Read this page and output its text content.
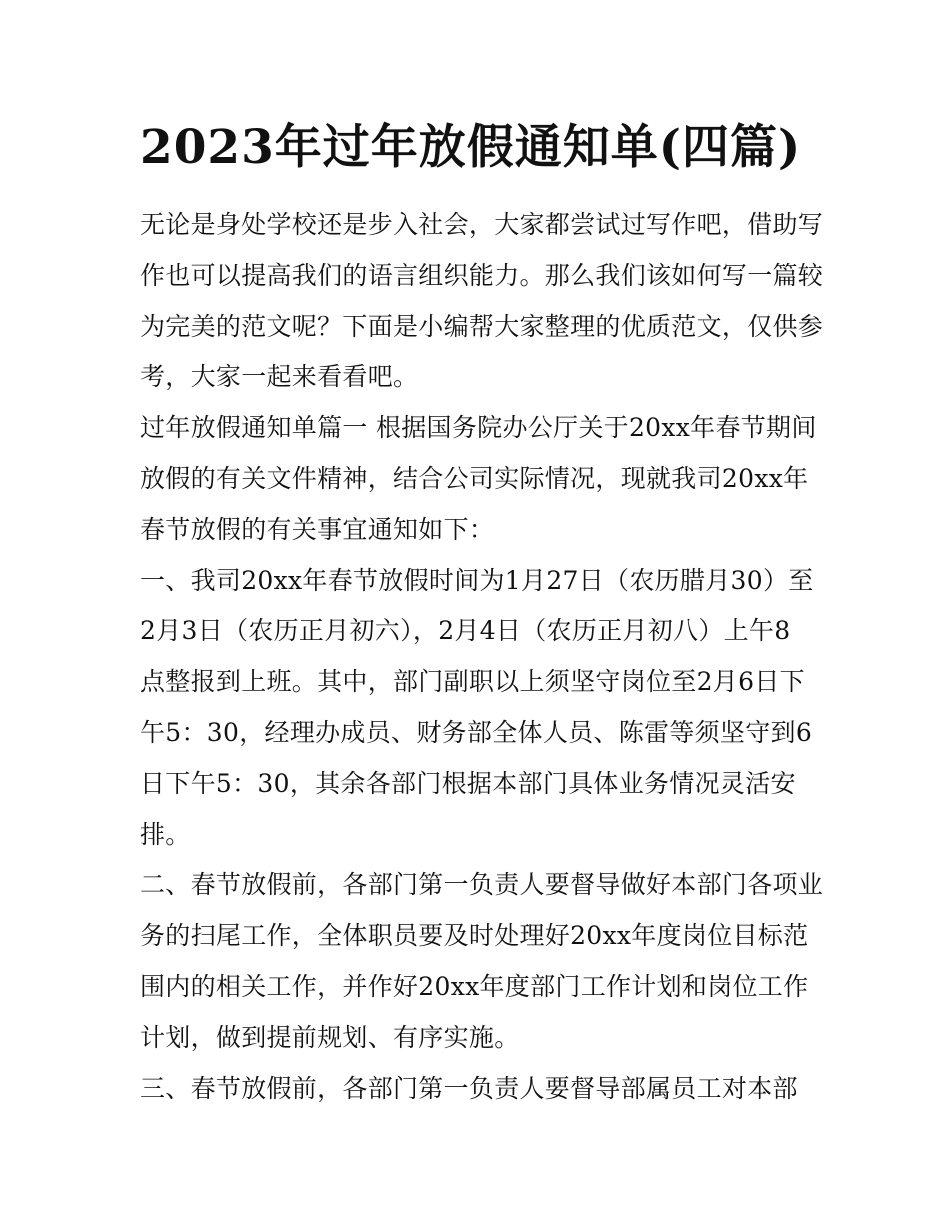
2023年过年放假通知单(四篇)
无论是身处学校还是步入社会，大家都尝试过写作吧，借助写
作也可以提高我们的语言组织能力。那么我们该如何写一篇较
为完美的范文呢？下面是小编帮大家整理的优质范文，仅供参
考，大家一起来看看吧。
过年放假通知单篇一 根据国务院办公厅关于20xx年春节期间
放假的有关文件精神，结合公司实际情况，现就我司20xx年
春节放假的有关事宜通知如下：
一、我司20xx年春节放假时间为1月27日（农历腊月30）至
2月3日（农历正月初六），2月4日（农历正月初八）上午8
点整报到上班。其中，部门副职以上须坚守岗位至2月6日下
午5：30，经理办成员、财务部全体人员、陈雷等须坚守到6
日下午5：30，其余各部门根据本部门具体业务情况灵活安
排。
二、春节放假前，各部门第一负责人要督导做好本部门各项业
务的扫尾工作，全体职员要及时处理好20xx年度岗位目标范
围内的相关工作，并作好20xx年度部门工作计划和岗位工作
计划，做到提前规划、有序实施。
三、春节放假前，各部门第一负责人要督导部属员工对本部
